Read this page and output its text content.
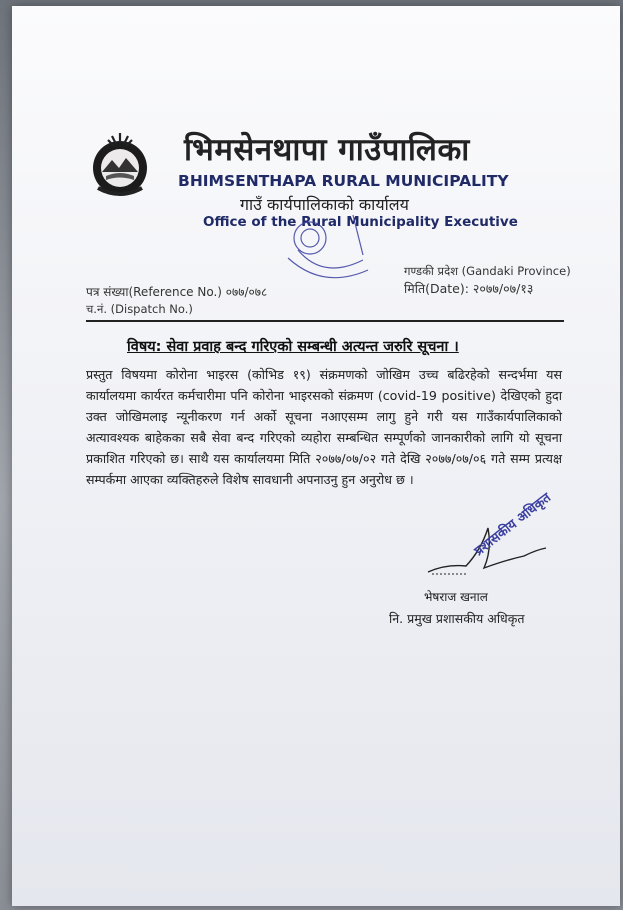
भिमसेनथापा गाउँपालिका
BHIMSENTHAPA RURAL MUNICIPALITY
गाउँ कार्यपालिकाको कार्यालय
Office of the Rural Municipality Executive
गण्डकी प्रदेश (Gandaki Province)
पत्र संख्या(Reference No.) ०७७/०७८	मिति(Date): २०७७/०७/१३
च.नं. (Dispatch No.)
विषय: सेवा प्रवाह बन्द गरिएको सम्बन्धी अत्यन्त जरुरि सूचना ।
प्रस्तुत विषयमा कोरोना भाइरस (कोभिड १९) संक्रमणको जोखिम उच्च बढिरहेको सन्दर्भमा यस कार्यालयमा कार्यरत कर्मचारीमा पनि कोरोना भाइरसको संक्रमण (covid-19 positive) देखिएको हुदा उक्त जोखिमलाइ न्यूनीकरण गर्न अर्को सूचना नआएसम्म लागु हुने गरी यस गाउँकार्यपालिकाको अत्यावश्यक बाहेकका सबै सेवा बन्द गरिएको व्यहोरा सम्बन्धित सम्पूर्णको जानकारीको लागि यो सूचना प्रकाशित गरिएको छ। साथै यस कार्यालयमा मिति २०७७/०७/०२ गते देखि २०७७/०७/०६ गते सम्म प्रत्यक्ष सम्पर्कमा आएका व्यक्तिहरुले विशेष सावधानी अपनाउनु हुन अनुरोध छ ।
प्रशासकीय अधिकृत
भेषराज खनाल
नि. प्रमुख प्रशासकीय अधिकृत
